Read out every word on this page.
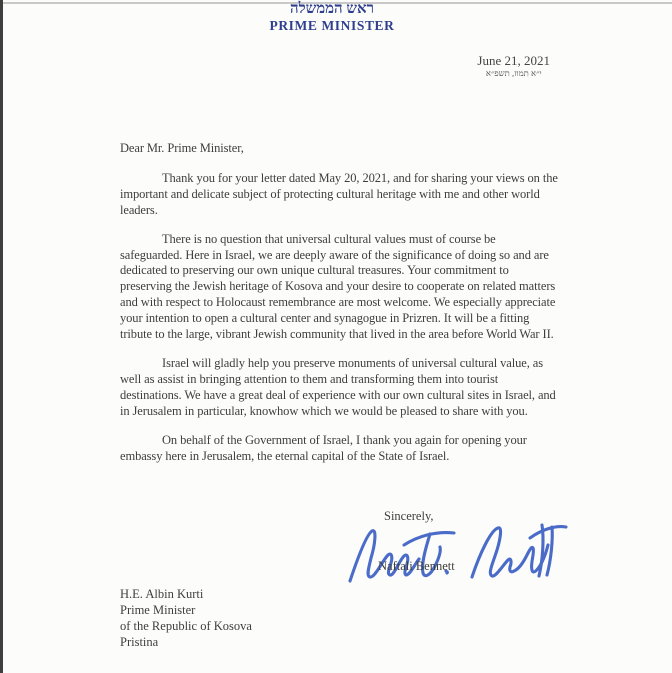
ראש הממשלה
PRIME MINISTER
June 21, 2021
י״א תמוז, תשפ״א
Dear Mr. Prime Minister,

Thank you for your letter dated May 20, 2021, and for sharing your views on the important and delicate subject of protecting cultural heritage with me and other world leaders.

There is no question that universal cultural values must of course be safeguarded. Here in Israel, we are deeply aware of the significance of doing so and are dedicated to preserving our own unique cultural treasures. Your commitment to preserving the Jewish heritage of Kosova and your desire to cooperate on related matters and with respect to Holocaust remembrance are most welcome. We especially appreciate your intention to open a cultural center and synagogue in Prizren. It will be a fitting tribute to the large, vibrant Jewish community that lived in the area before World War II.

Israel will gladly help you preserve monuments of universal cultural value, as well as assist in bringing attention to them and transforming them into tourist destinations. We have a great deal of experience with our own cultural sites in Israel, and in Jerusalem in particular, knowhow which we would be pleased to share with you.

On behalf of the Government of Israel, I thank you again for opening your embassy here in Jerusalem, the eternal capital of the State of Israel.

Sincerely,
Naftali Bennett
H.E. Albin Kurti
Prime Minister
of the Republic of Kosova
Pristina
